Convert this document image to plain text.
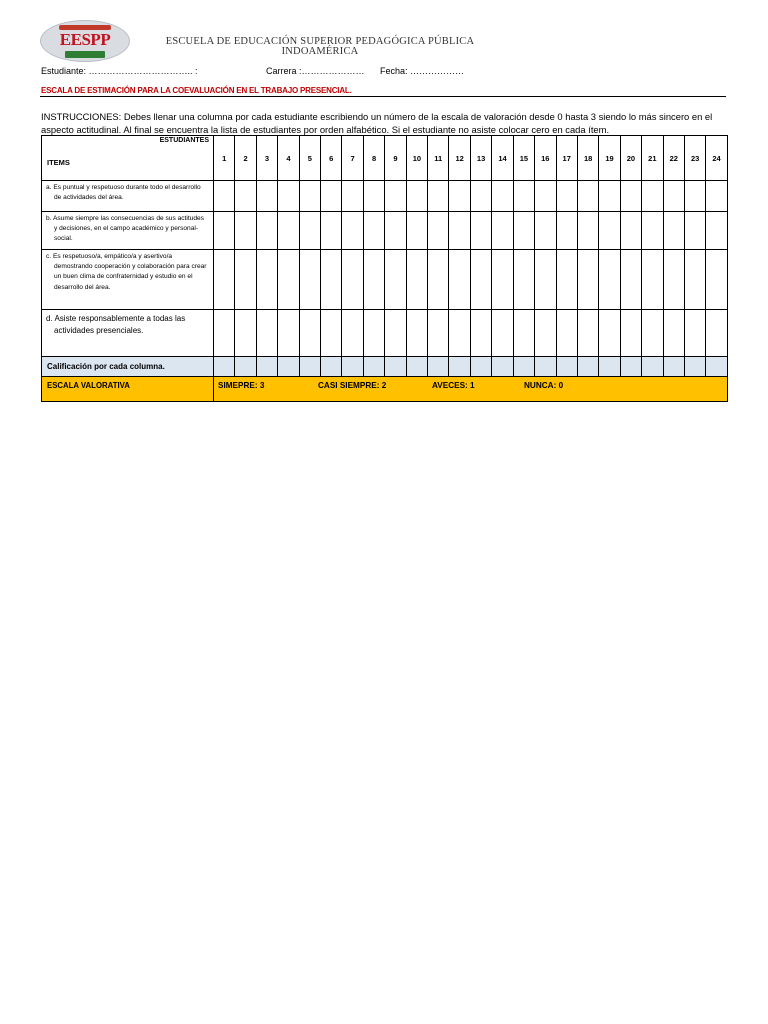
EESPP	ESCUELA DE EDUCACIÓN SUPERIOR PEDAGÓGICA PÚBLICA
INDOAMÉRICA
Estudiante: …………………………….. :	Carrera :………………… Fecha: ………………
ESCALA DE ESTIMACIÓN PARA LA COEVALUACIÓN EN EL TRABAJO PRESENCIAL.
INSTRUCCIONES: Debes llenar una columna por cada estudiante escribiendo un número de la escala de valoración desde 0 hasta 3 siendo lo más sincero en el aspecto actitudinal. Al final se encuentra la lista de estudiantes por orden alfabético. Si el estudiante no asiste colocar cero en cada ítem.
ESTUDIANTES
ITEMS	1	2	3	4	5	6	7	8	9	10	11	12	13	14	15	16	17	18	19	20	21	22	23	24

a. Es puntual y respetuoso durante todo el desarrollo de actividades del área.																								

b. Asume siempre las consecuencias de sus actitudes y decisiones, en el campo académico y personal-social.																								

c. Es respetuoso/a, empático/a y asertivo/a demostrando cooperación y colaboración para crear un buen clima de confraternidad y estudio en el desarrollo del área.																								

d. Asiste responsablemente a todas las actividades presenciales.																								

Calificación por cada columna.																								
ESCALA VALORATIVA	SIMEPRE: 3 CASI SIEMPRE: 2 AVECES: 1 NUNCA: 0																							
